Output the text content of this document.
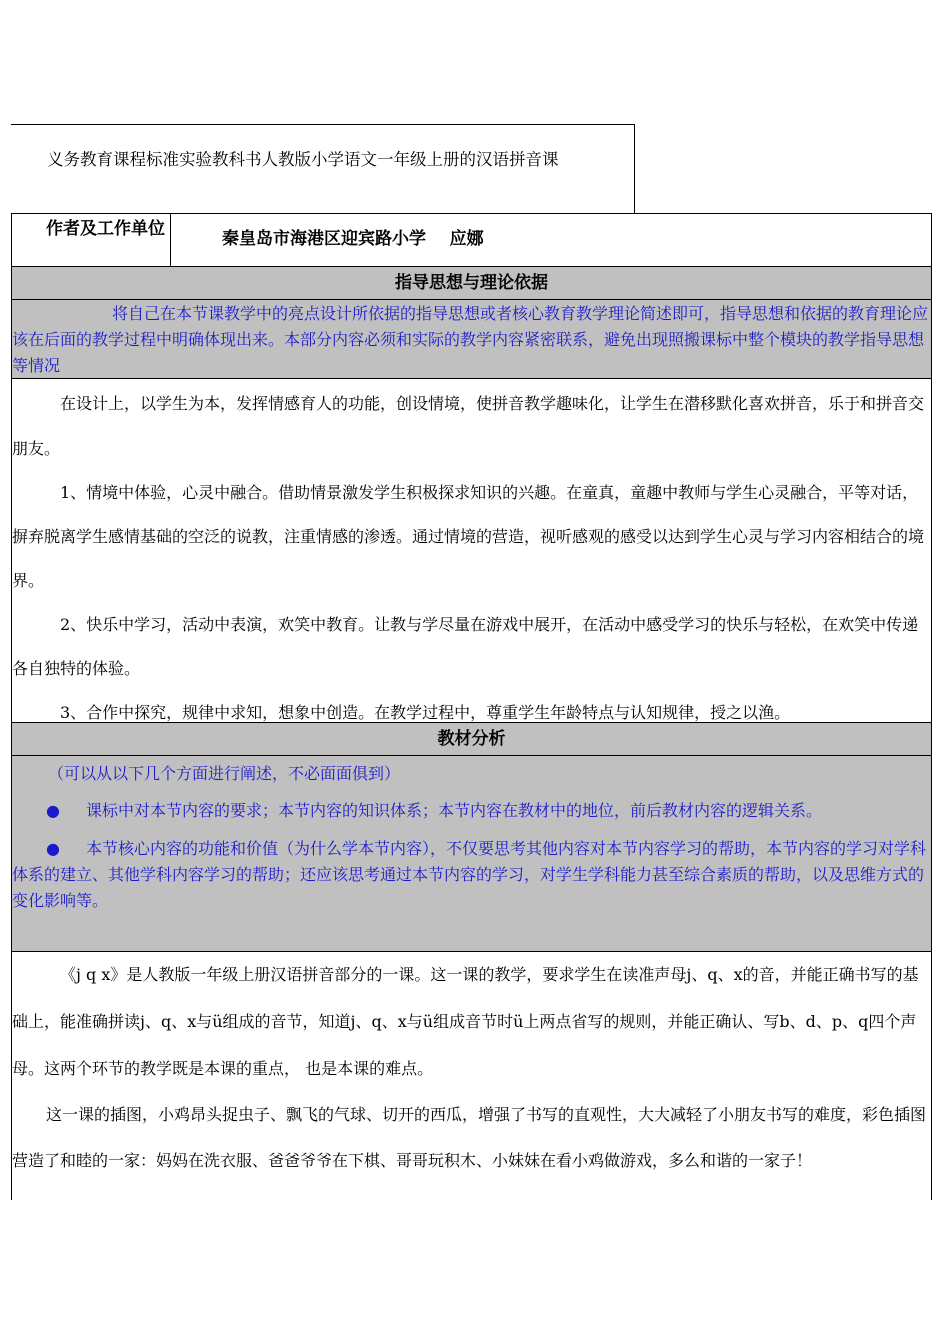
义务教育课程标准实验教科书人教版小学语文一年级上册的汉语拼音课
作者及工作单位	秦皇岛市海港区迎宾路小学    应娜
指导思想与理论依据

将自己在本节课教学中的亮点设计所依据的指导思想或者核心教育教学理论简述即可，指导思想和依据的教育理论应该在后面的教学过程中明确体现出来。本部分内容必须和实际的教学内容紧密联系，避免出现照搬课标中整个模块的教学指导思想等情况

在设计上，以学生为本，发挥情感育人的功能，创设情境，使拼音教学趣味化，让学生在潜移默化喜欢拼音，乐于和拼音交朋友。

1、情境中体验，心灵中融合。借助情景激发学生积极探求知识的兴趣。在童真，童趣中教师与学生心灵融合，平等对话，摒弃脱离学生感情基础的空泛的说教，注重情感的渗透。通过情境的营造，视听感观的感受以达到学生心灵与学习内容相结合的境界。

2、快乐中学习，活动中表演，欢笑中教育。让教与学尽量在游戏中展开，在活动中感受学习的快乐与轻松，在欢笑中传递各自独特的体验。

3、合作中探究，规律中求知，想象中创造。在教学过程中，尊重学生年龄特点与认知规律，授之以渔。

教材分析

（可以从以下几个方面进行阐述，不必面面俱到）

● 课标中对本节内容的要求；本节内容的知识体系；本节内容在教材中的地位，前后教材内容的逻辑关系。

● 本节核心内容的功能和价值（为什么学本节内容），不仅要思考其他内容对本节内容学习的帮助，本节内容的学习对学科体系的建立、其他学科内容学习的帮助；还应该思考通过本节内容的学习，对学生学科能力甚至综合素质的帮助，以及思维方式的变化影响等。

《j q x》是人教版一年级上册汉语拼音部分的一课。这一课的教学，要求学生在读准声母j、q、x的音，并能正确书写的基础上，能准确拼读j、q、x与ü组成的音节，知道j、q、x与ü组成音节时ü上两点省写的规则，并能正确认、写b、d、p、q四个声母。这两个环节的教学既是本课的重点， 也是本课的难点。

这一课的插图，小鸡昂头捉虫子、飘飞的气球、切开的西瓜，增强了书写的直观性，大大减轻了小朋友书写的难度，彩色插图营造了和睦的一家：妈妈在洗衣服、爸爸爷爷在下棋、哥哥玩积木、小妹妹在看小鸡做游戏，多么和谐的一家子！
